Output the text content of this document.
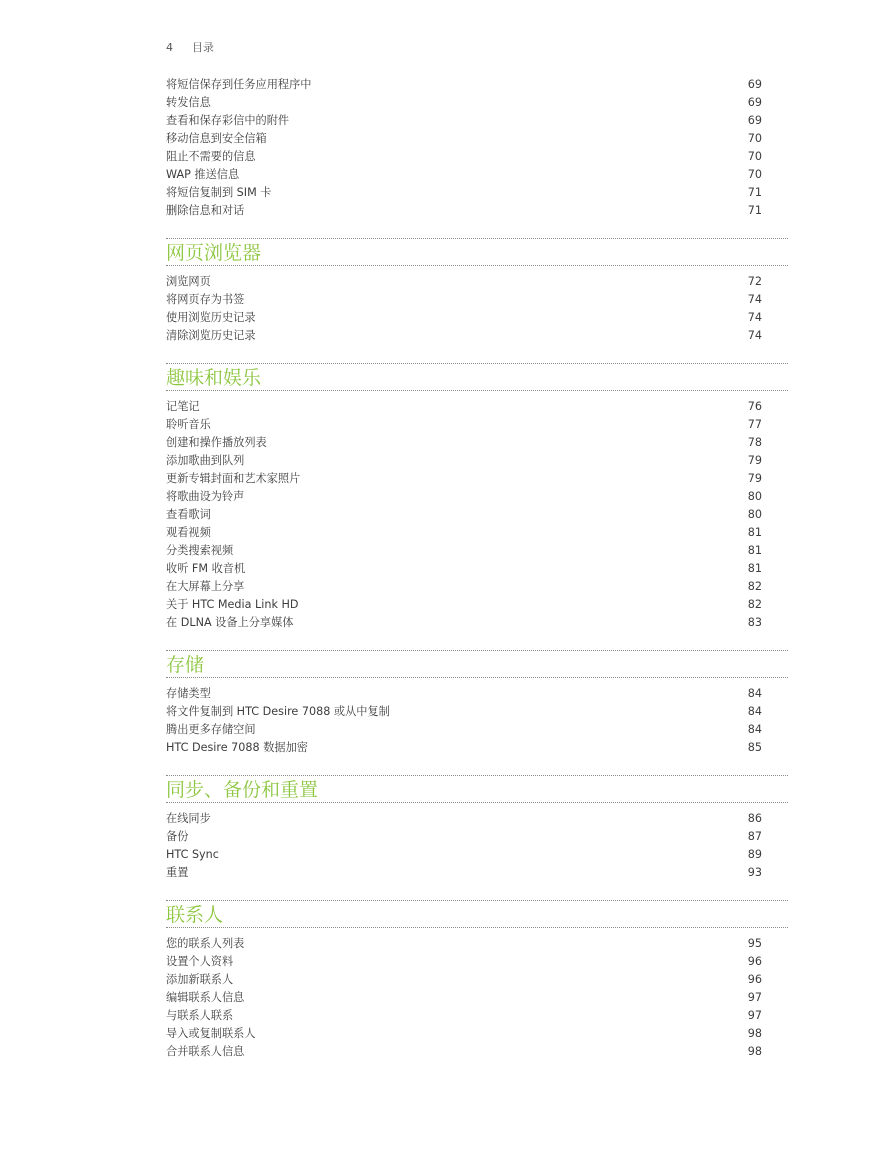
4 目录
将短信保存到任务应用程序中	69
转发信息	69
查看和保存彩信中的附件	69
移动信息到安全信箱	70
阻止不需要的信息	70
WAP 推送信息	70
将短信复制到 SIM 卡	71
删除信息和对话	71
网页浏览器
浏览网页	72
将网页存为书签	74
使用浏览历史记录	74
清除浏览历史记录	74
趣味和娱乐
记笔记	76
聆听音乐	77
创建和操作播放列表	78
添加歌曲到队列	79
更新专辑封面和艺术家照片	79
将歌曲设为铃声	80
查看歌词	80
观看视频	81
分类搜索视频	81
收听 FM 收音机	81
在大屏幕上分享	82
关于 HTC Media Link HD	82
在 DLNA 设备上分享媒体	83
存储
存储类型	84
将文件复制到 HTC Desire 7088 或从中复制	84
腾出更多存储空间	84
HTC Desire 7088 数据加密	85
同步、备份和重置
在线同步	86
备份	87
HTC Sync	89
重置	93
联系人
您的联系人列表	95
设置个人资料	96
添加新联系人	96
编辑联系人信息	97
与联系人联系	97
导入或复制联系人	98
合并联系人信息	98
